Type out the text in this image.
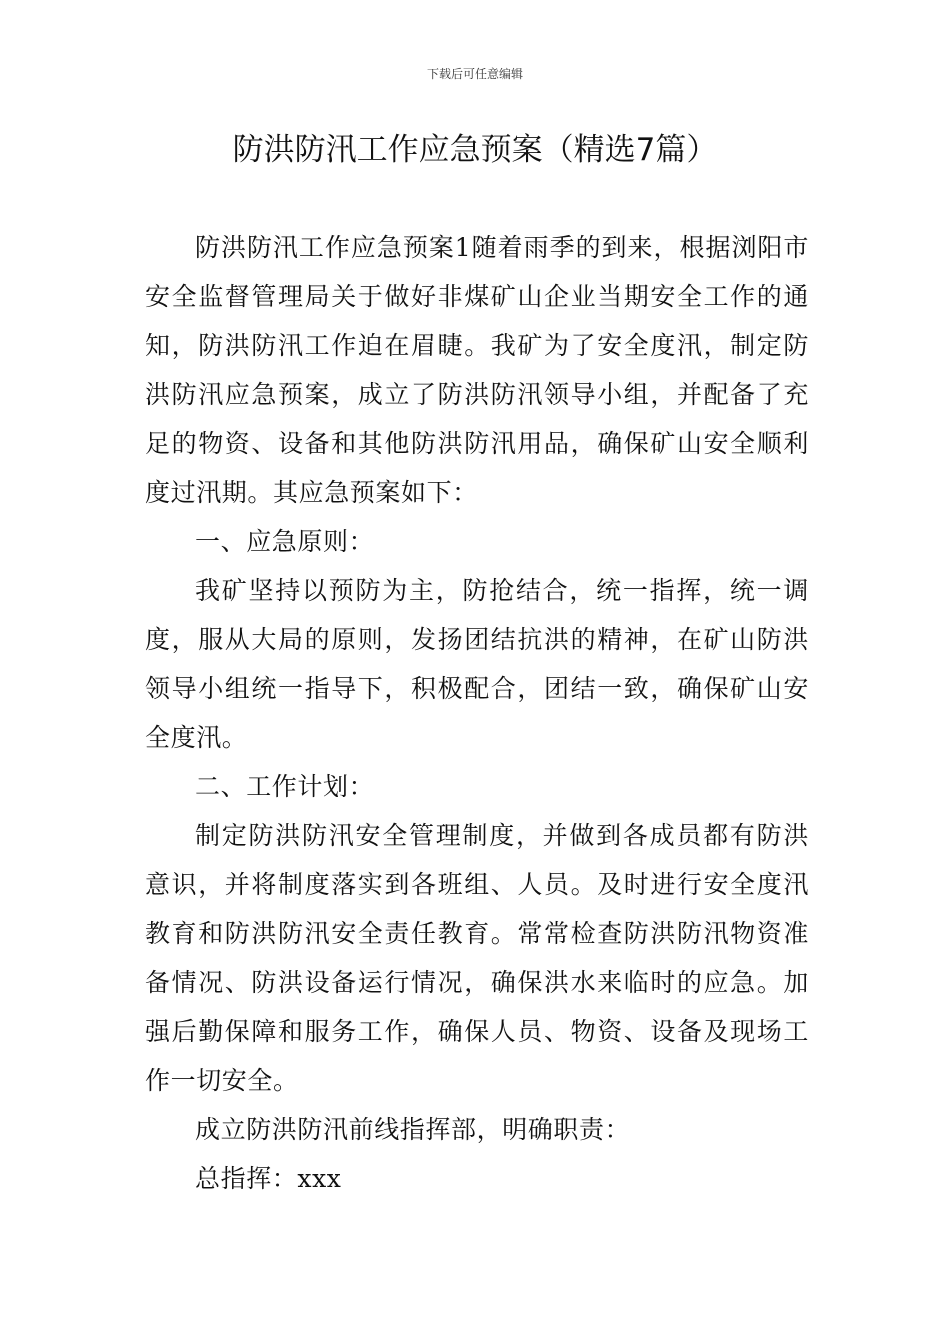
下载后可任意编辑
防洪防汛工作应急预案（精选7篇）

防洪防汛工作应急预案1随着雨季的到来，根据浏阳市安全监督管理局关于做好非煤矿山企业当期安全工作的通知，防洪防汛工作迫在眉睫。我矿为了安全度汛，制定防洪防汛应急预案，成立了防洪防汛领导小组，并配备了充足的物资、设备和其他防洪防汛用品，确保矿山安全顺利度过汛期。其应急预案如下：

一、应急原则：

我矿坚持以预防为主，防抢结合，统一指挥，统一调度，服从大局的原则，发扬团结抗洪的精神，在矿山防洪领导小组统一指导下，积极配合，团结一致，确保矿山安全度汛。

二、工作计划：

制定防洪防汛安全管理制度，并做到各成员都有防洪意识，并将制度落实到各班组、人员。及时进行安全度汛教育和防洪防汛安全责任教育。常常检查防洪防汛物资准备情况、防洪设备运行情况，确保洪水来临时的应急。加强后勤保障和服务工作，确保人员、物资、设备及现场工作一切安全。

成立防洪防汛前线指挥部，明确职责：

总指挥：xxx
